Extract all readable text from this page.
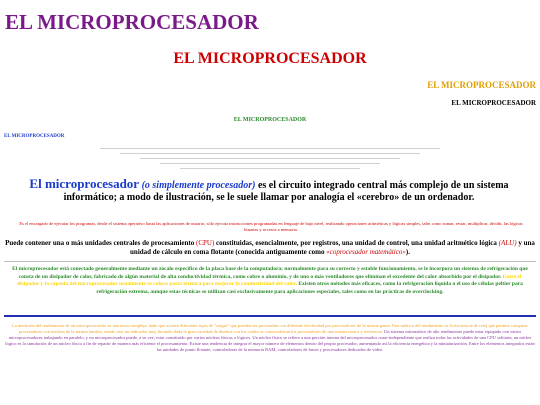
EL MICROPROCESADOR
EL MICROPROCESADOR
EL MICROPROCESADOR
EL MICROPROCESADOR
EL MICROPROCESADOR
EL MICROPROCESADOR

El microprocesador (o simplemente procesador) es el circuito integrado central más complejo de un sistema informático; a modo de ilustración, se le suele llamar por analogía el «cerebro» de un ordenador.

Es el encargado de ejecutar los programas, desde el sistema operativo hasta las aplicaciones de usuario; sólo ejecuta instrucciones programadas en lenguaje de bajo nivel, realizando operaciones aritméticas y lógicas simples, tales como sumar, restar, multiplicar, dividir, las lógicas binarias y accesos a memoria.

Puede contener una o más unidades centrales de procesamiento (CPU) constituidas, esencialmente, por registros, una unidad de control, una unidad aritmético lógica (ALU) y una unidad de cálculo en coma flotante (conocida antiguamente como «coprocesador matemático»).

El microprocesador está conectado generalmente mediante un zócalo específico de la placa base de la computadora; normalmente para su correcto y estable funcionamiento, se le incorpora un sistema de refrigeración que consta de un disipador de calor, fabricado de algún material de alta conductividad térmica, como cobre o aluminio, y de uno o más ventiladores que eliminan el excedente del calor absorbido por el disipador. Entre el disipador y la cápsula del microprocesador usualmente se coloca pasta térmica para mejorar la conductividad del calor. Existen otros métodos más eficaces, como la refrigeración líquida o el uso de células peltier para refrigeración extrema, aunque estas técnicas se utilizan casi exclusivamente para aplicaciones especiales, tales como en las prácticas de overclocking.

La medición del rendimiento de un microprocesador es una tarea compleja, dado que existen diferentes tipos de "cargas" que pueden ser procesadas con diferente efectividad por procesadores de la misma gama. Una métrica del rendimiento es la frecuencia de reloj que permite comparar procesadores con núcleos de la misma familia, siendo este un indicador muy limitado dada la gran variedad de diseños con los cuales se comercializan los procesadores de una misma marca y referencia. Un sistema informático de alto rendimiento puede estar equipado con varios microprocesadores trabajando en paralelo, y un microprocesador puede, a su vez, estar constituido por varios núcleos físicos o lógicos. Un núcleo físico se refiere a una porción interna del microprocesador cuasi-independiente que realiza todas las actividades de una CPU solitaria, un núcleo lógico es la simulación de un núcleo físico a fin de repartir de manera más eficiente el procesamiento. Existe una tendencia de integrar el mayor número de elementos dentro del propio procesador, aumentando así la eficiencia energética y la miniaturización. Entre los elementos integrados están las unidades de punto flotante, controladoras de la memoria RAM, controladores de buses y procesadores dedicados de video.
